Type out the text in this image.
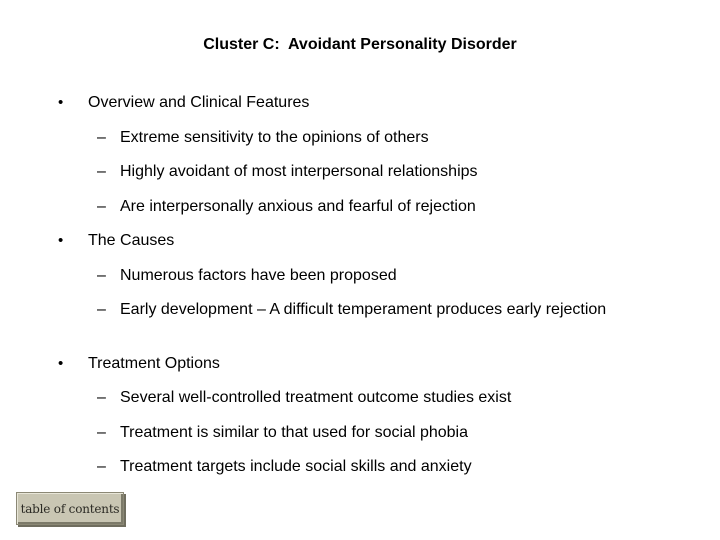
Cluster C:  Avoidant Personality Disorder
• Overview and Clinical Features
– Extreme sensitivity to the opinions of others
– Highly avoidant of most interpersonal relationships
– Are interpersonally anxious and fearful of rejection
• The Causes
– Numerous factors have been proposed
– Early development – A difficult temperament produces early rejection
• Treatment Options
– Several well-controlled treatment outcome studies exist
– Treatment is similar to that used for social phobia
– Treatment targets include social skills and anxiety
table of contents
